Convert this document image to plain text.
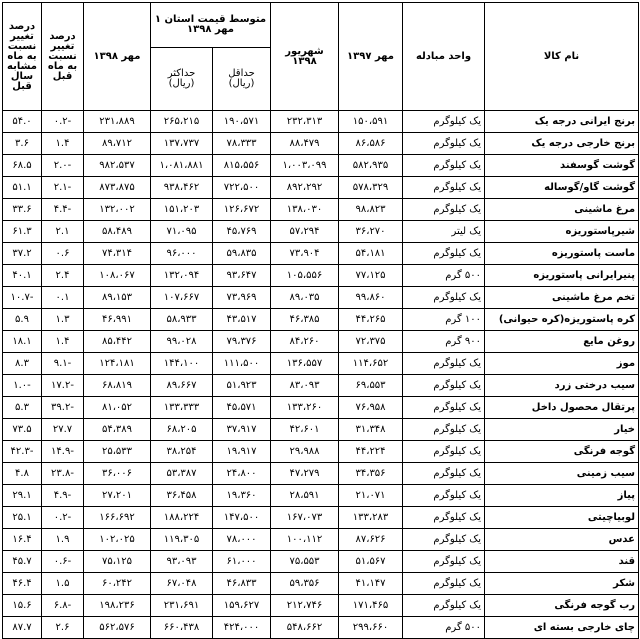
نام کالا	واحد مبادله	مهر ۱۳۹۷	شهریور ۱۳۹۸	متوسط قیمت استان ۱ مهر ۱۳۹۸		مهر ۱۳۹۸	درصد تغییر نسبت به ماه قبل	درصد تغییر نسبت به ماه مشابه سال قبل
				حداقل (ریال)	حداکثر (ریال)			
برنج ایرانی درجه یک	یک کیلوگرم	۱۵۰،۵۹۱	۲۳۲،۳۱۳	۱۹۰،۵۷۱	۲۶۵،۲۱۵	۲۳۱،۸۸۹	-۰.۲	۵۴.۰
برنج خارجی درجه یک	یک کیلوگرم	۸۶،۵۸۶	۸۸،۴۷۹	۷۸،۳۳۳	۱۳۷،۷۳۷	۸۹،۷۱۲	۱.۴	۳.۶
گوشت گوسفند	یک کیلوگرم	۵۸۲،۹۳۵	۱،۰۰۳،۰۹۹	۸۱۵،۵۵۶	۱،۰۸۱،۸۸۱	۹۸۲،۵۳۷	-۲.۰	۶۸.۵
گوشت گاو/گوساله	یک کیلوگرم	۵۷۸،۳۲۹	۸۹۲،۲۹۲	۷۲۲،۵۰۰	۹۳۸،۴۶۲	۸۷۳،۸۷۵	-۲.۱	۵۱.۱
مرغ ماشینی	یک کیلوگرم	۹۸،۸۲۳	۱۳۸،۰۳۰	۱۲۶،۶۷۲	۱۵۱،۲۰۳	۱۳۲،۰۰۲	-۴.۴	۳۳.۶
شیرپاستوریزه	یک لیتر	۳۶،۲۷۰	۵۷،۲۹۴	۴۵،۷۶۹	۷۱،۰۹۵	۵۸،۴۸۹	۲.۱	۶۱.۳
ماست پاستوریزه	یک کیلوگرم	۵۴،۱۸۱	۷۳،۹۰۴	۵۹،۸۳۵	۹۶،۰۰۰	۷۴،۳۱۴	۰.۶	۳۷.۲
پنیرایرانی پاستوریزه	۵۰۰ گرم	۷۷،۱۲۵	۱۰۵،۵۵۶	۹۳،۶۴۷	۱۳۲،۰۹۴	۱۰۸،۰۶۷	۲.۴	۴۰.۱
تخم مرغ ماشینی	یک کیلوگرم	۹۹،۸۶۰	۸۹،۰۳۵	۷۳،۹۶۹	۱۰۷،۶۶۷	۸۹،۱۵۳	۰.۱	-۱۰.۷
کره پاستوریزه(کره حیوانی)	۱۰۰ گرم	۴۴،۲۶۵	۴۶،۳۸۵	۴۳،۵۱۷	۵۸،۹۳۳	۴۶،۹۹۱	۱.۳	۵.۹
روغن مایع	۹۰۰ گرم	۷۲،۳۷۵	۸۴،۲۶۰	۷۹،۳۷۶	۹۹،۰۲۸	۸۵،۴۴۲	۱.۴	۱۸.۱
موز	یک کیلوگرم	۱۱۴،۶۵۲	۱۳۶،۵۵۷	۱۱۱،۵۰۰	۱۴۴،۱۰۰	۱۲۴،۱۸۱	-۹.۱	۸.۳
سیب درختی زرد	یک کیلوگرم	۶۹،۵۵۳	۸۳،۰۹۳	۵۱،۹۲۳	۸۹،۶۶۷	۶۸،۸۱۹	-۱۷.۲	-۱.۰
پرتقال محصول داخل	یک کیلوگرم	۷۶،۹۵۸	۱۳۳،۲۶۰	۴۵،۵۷۱	۱۳۳،۳۳۳	۸۱،۰۵۲	-۳۹.۲	۵.۳
خیار	یک کیلوگرم	۳۱،۳۴۸	۴۲،۶۰۱	۳۷،۹۱۷	۶۸،۲۰۵	۵۴،۳۸۹	۲۷.۷	۷۳.۵
گوجه فرنگی	یک کیلوگرم	۴۴،۲۲۴	۲۹،۹۸۸	۱۹،۹۱۷	۳۸،۲۵۴	۲۵،۵۳۳	-۱۴.۹	-۴۲.۳
سیب زمینی	یک کیلوگرم	۳۴،۳۵۶	۴۷،۲۷۹	۲۴،۸۰۰	۵۳،۳۸۷	۳۶،۰۰۶	-۲۳.۸	۴.۸
پیاز	یک کیلوگرم	۲۱،۰۷۱	۲۸،۵۹۱	۱۹،۳۶۰	۳۶،۴۵۸	۲۷،۲۰۱	-۴.۹	۲۹.۱
لوبیاچیتی	یک کیلوگرم	۱۳۳،۲۸۳	۱۶۷،۰۷۳	۱۴۷،۵۰۰	۱۸۸،۲۲۴	۱۶۶،۶۹۲	-۰.۲	۲۵.۱
عدس	یک کیلوگرم	۸۷،۶۲۶	۱۰۰،۱۱۲	۷۸،۰۰۰	۱۱۹،۳۰۵	۱۰۲،۰۲۵	۱.۹	۱۶.۴
قند	یک کیلوگرم	۵۱،۵۶۷	۷۵،۵۵۳	۶۱،۰۰۰	۹۳،۰۹۳	۷۵،۱۲۵	-۰.۶	۴۵.۷
شکر	یک کیلوگرم	۴۱،۱۴۷	۵۹،۳۵۶	۴۶،۸۳۳	۶۷،۰۴۸	۶۰،۲۴۲	۱.۵	۴۶.۴
رب گوجه فرنگی	یک کیلوگرم	۱۷۱،۴۶۵	۲۱۲،۷۴۶	۱۵۹،۶۲۷	۲۳۱،۶۹۱	۱۹۸،۲۳۶	-۶.۸	۱۵.۶
چای خارجی بسته ای	۵۰۰ گرم	۲۹۹،۶۶۰	۵۴۸،۶۶۲	۴۲۴،۰۰۰	۶۶۰،۴۳۸	۵۶۲،۵۷۶	۲.۶	۸۷.۷
